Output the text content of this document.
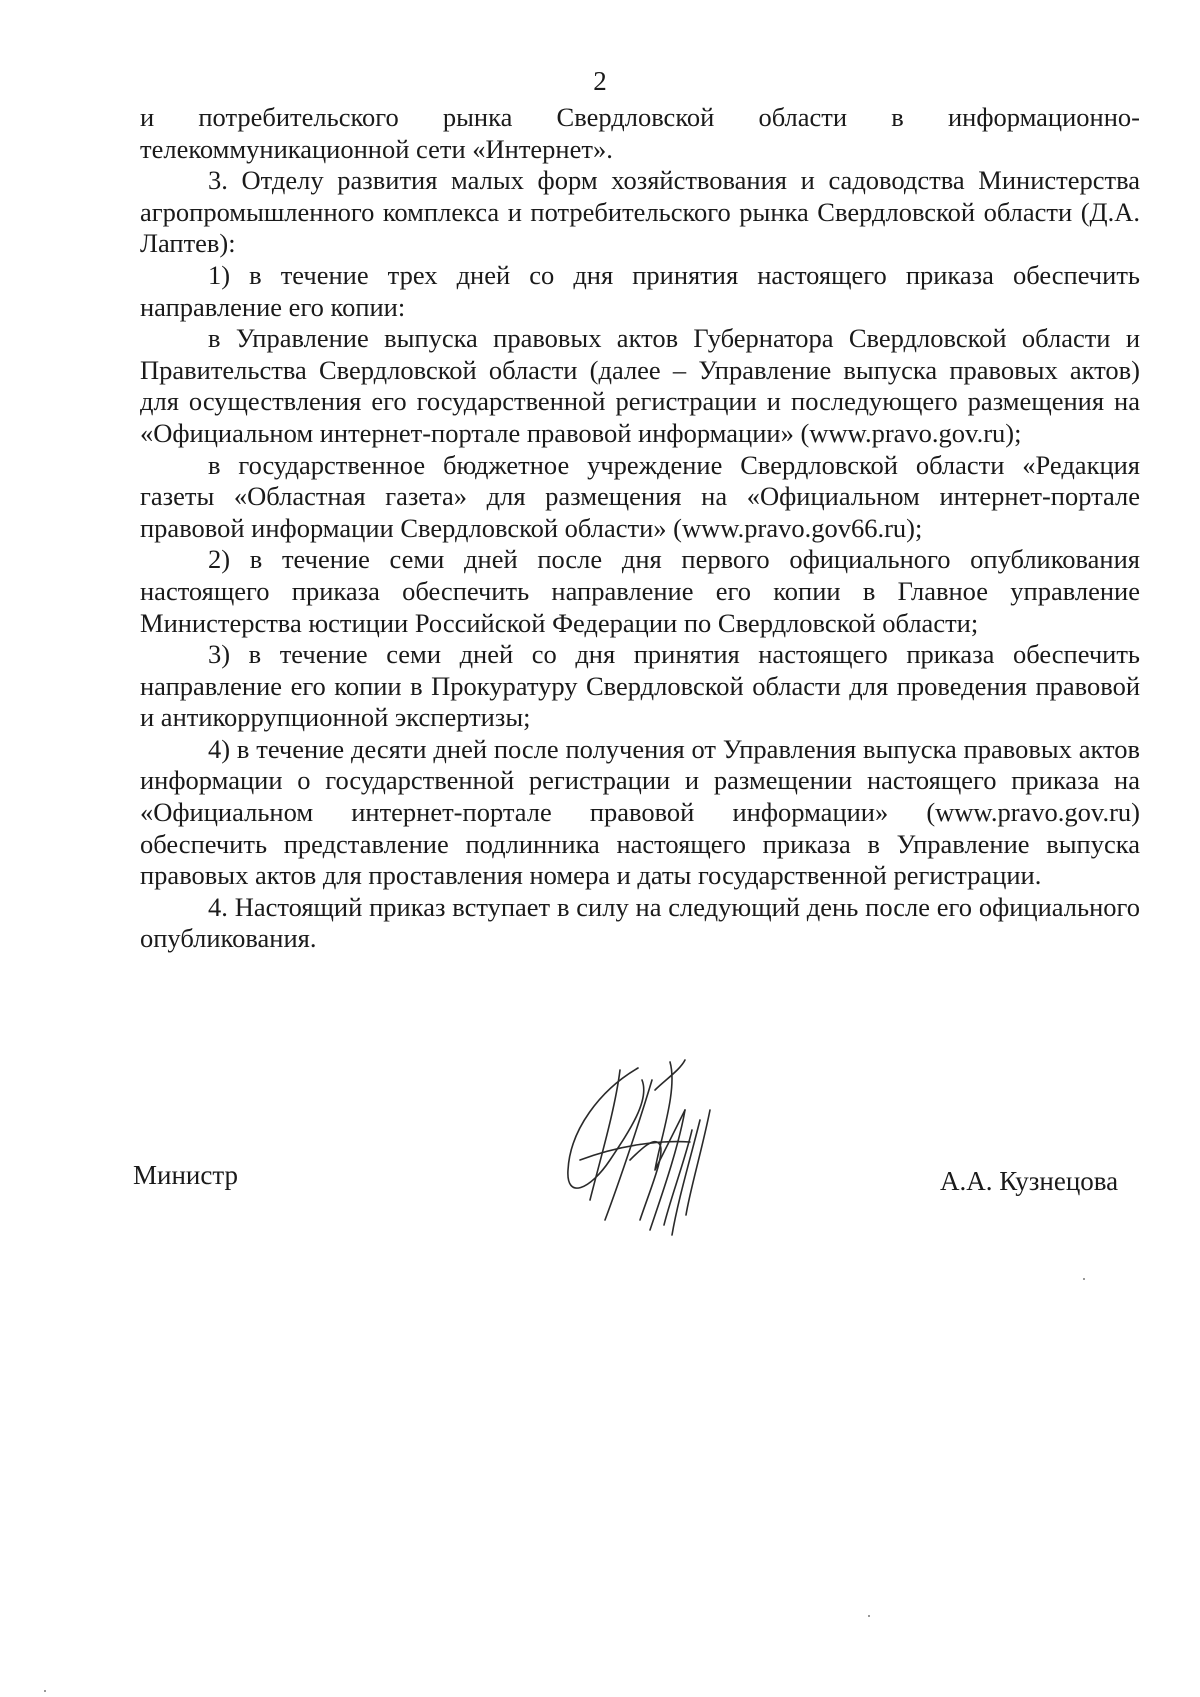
2

и потребительского рынка Свердловской области в информационно-телекоммуникационной сети «Интернет».

3. Отделу развития малых форм хозяйствования и садоводства Министерства агропромышленного комплекса и потребительского рынка Свердловской области (Д.А. Лаптев):

1) в течение трех дней со дня принятия настоящего приказа обеспечить направление его копии:

в Управление выпуска правовых актов Губернатора Свердловской области и Правительства Свердловской области (далее – Управление выпуска правовых актов) для осуществления его государственной регистрации и последующего размещения на «Официальном интернет-портале правовой информации» (www.pravo.gov.ru);

в государственное бюджетное учреждение Свердловской области «Редакция газеты «Областная газета» для размещения на «Официальном интернет-портале правовой информации Свердловской области» (www.pravo.gov66.ru);

2) в течение семи дней после дня первого официального опубликования настоящего приказа обеспечить направление его копии в Главное управление Министерства юстиции Российской Федерации по Свердловской области;

3) в течение семи дней со дня принятия настоящего приказа обеспечить направление его копии в Прокуратуру Свердловской области для проведения правовой и антикоррупционной экспертизы;

4) в течение десяти дней после получения от Управления выпуска правовых актов информации о государственной регистрации и размещении настоящего приказа на «Официальном интернет-портале правовой информации» (www.pravo.gov.ru) обеспечить представление подлинника настоящего приказа в Управление выпуска правовых актов для проставления номера и даты государственной регистрации.

4. Настоящий приказ вступает в силу на следующий день после его официального опубликования.

Министр	А.А. Кузнецова
